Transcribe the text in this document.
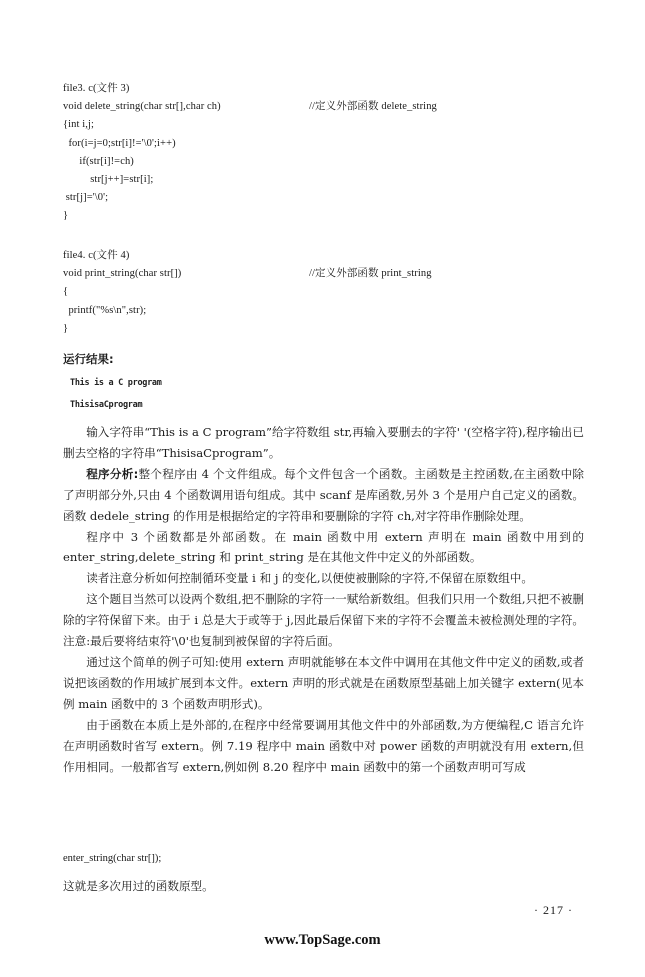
file3. c(文件 3)
void delete_string(char str[],char ch)	//定义外部函数 delete_string
{int i,j;
for(i=j=0;str[i]!='\0';i++)
if(str[i]!=ch)
str[j++]=str[i];
str[j]='\0';
}
file4. c(文件 4)
void print_string(char str[])	//定义外部函数 print_string
{
printf("%s\n",str);
}
运行结果:
This is a C program
ThisisaCprogram

输入字符串“This is a C program”给字符数组 str,再输入要删去的字符' '(空格字符),程序输出已删去空格的字符串“ThisisaCprogram”。

程序分析:整个程序由 4 个文件组成。每个文件包含一个函数。主函数是主控函数,在主函数中除了声明部分外,只由 4 个函数调用语句组成。其中 scanf 是库函数,另外 3 个是用户自己定义的函数。函数 dedele_string 的作用是根据给定的字符串和要删除的字符 ch,对字符串作删除处理。

程序中 3 个函数都是外部函数。在 main 函数中用 extern 声明在 main 函数中用到的 enter_string,delete_string 和 print_string 是在其他文件中定义的外部函数。

读者注意分析如何控制循环变量 i 和 j 的变化,以便使被删除的字符,不保留在原数组中。

这个题目当然可以设两个数组,把不删除的字符一一赋给新数组。但我们只用一个数组,只把不被删除的字符保留下来。由于 i 总是大于或等于 j,因此最后保留下来的字符不会覆盖未被检测处理的字符。注意:最后要将结束符'\0'也复制到被保留的字符后面。

通过这个简单的例子可知:使用 extern 声明就能够在本文件中调用在其他文件中定义的函数,或者说把该函数的作用域扩展到本文件。extern 声明的形式就是在函数原型基础上加关键字 extern(见本例 main 函数中的 3 个函数声明形式)。

由于函数在本质上是外部的,在程序中经常要调用其他文件中的外部函数,为方便编程,C 语言允许在声明函数时省写 extern。例 7.19 程序中 main 函数中对 power 函数的声明就没有用 extern,但作用相同。一般都省写 extern,例如例 8.20 程序中 main 函数中的第一个函数声明可写成

enter_string(char str[]);

这就是多次用过的函数原型。

· 217 ·
www.TopSage.com
